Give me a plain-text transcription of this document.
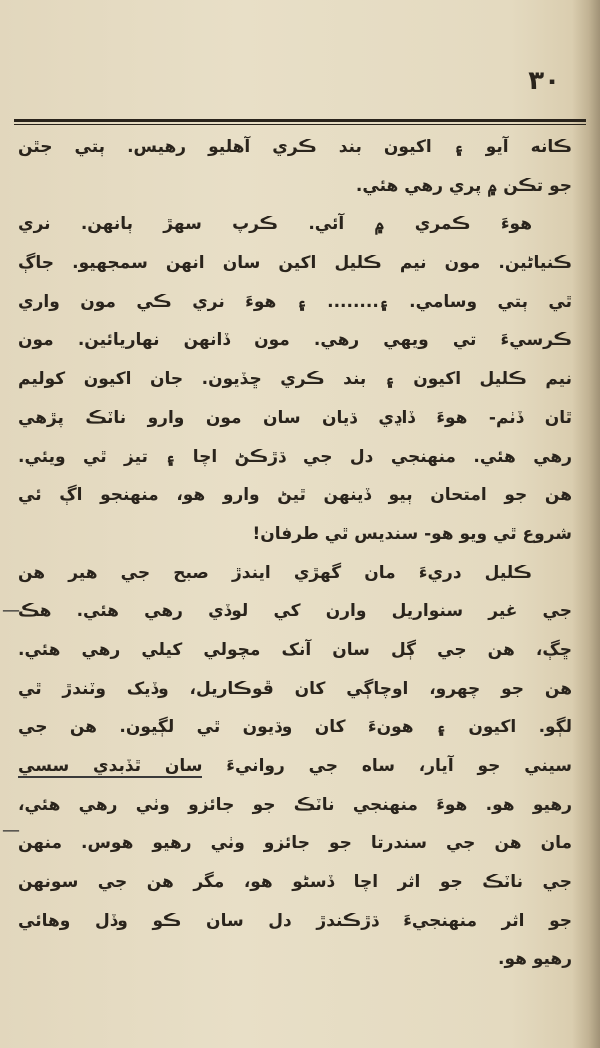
۳۰
—
—
ڪانه آيو ۽ اکيون بند ڪري آهليو رهيس. ٻتي جٿن
جو تڪن ۾ پري رهي هئي.
هوءَ ڪمري ۾ آئي. ڪرپ سهڙ ٻانهن. نري
ڪنياڻين. مون نيم ڪليل اکين سان انهن سمجهيو. جاڳ
ٿي ٻتي وسامي. ۽........ ۽ هوءَ نري ڪي مون واري
ڪرسيءَ تي ويهي رهي. مون ڏانهن نهاريائين. مون
نيم ڪليل اکيون ۽ بند ڪري ڇڏيون. جان اکيون کوليم
ٿان ڏٺم- هوءَ ڏاڍي ڌيان سان مون وارو ناٽڪ پڙهي
رهي هئي. منهنجي دل جي ڌڙڪڻ اچا ۽ تيز ٿي ويئي.
هن جو امتحان ٻيو ڏينهن ٿيڻ وارو هو، منهنجو اڳ ئي
شروع ٿي ويو هو- سنديس ٿي طرفان!
ڪليل دريءَ مان گهڙي ايندڙ صبح جي هير هن
جي غير سنواريل وارن کي لوڏي رهي هئي. هڪ
ڇڳ، هن جي ڳل سان آنک مچولي کيلي رهي هئي.
هن جو چهرو، اوچاڳي کان ڦوڪاريل، وڏيک وٽندڙ ٿي
لڳو. اکيون ۽ هونءَ کان وڌيون ٿي لڳيون. هن جي
سيني جو آيار، ساه جي روانيءَ سان ٿڏبدي سسي
رهيو هو. هوءَ منهنجي ناٽڪ جو جائزو وٺي رهي هئي،
مان هن جي سندرتا جو جائزو وٺي رهيو هوس. منهن
جي ناٽڪ جو اثر اچا ڏسڻو هو، مگر هن جي سونهن
جو اثر منهنجيءَ ڌڙڪندڙ دل سان ڪو وڏل وهائي
رهيو هو.
